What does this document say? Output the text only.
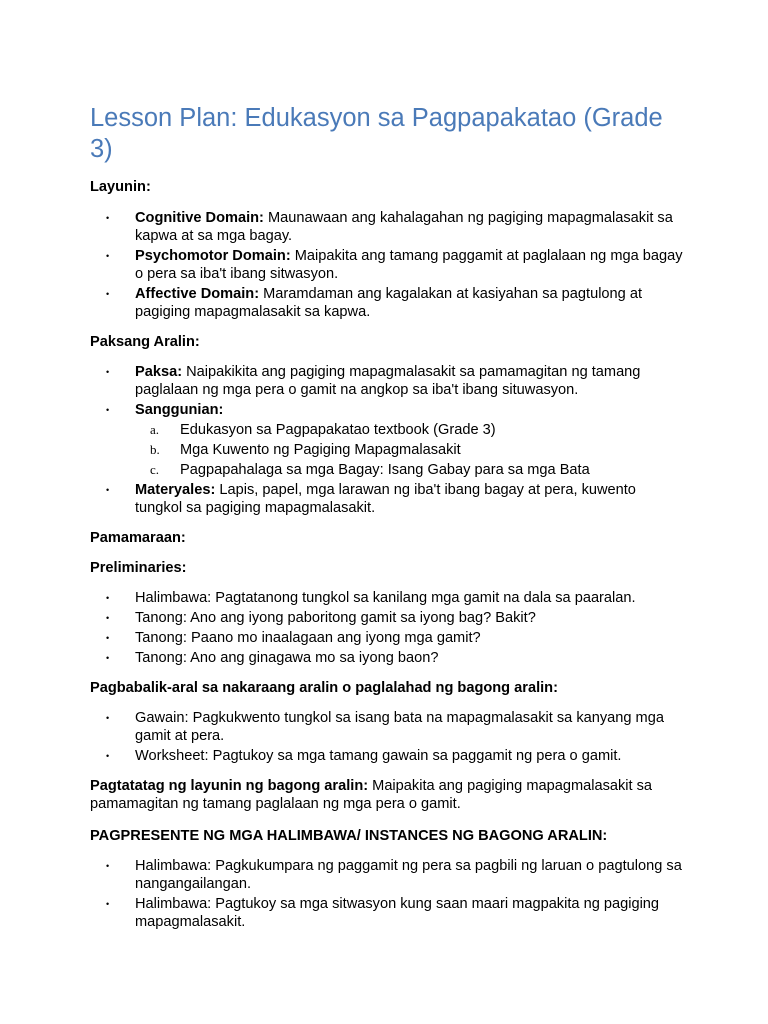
Lesson Plan: Edukasyon sa Pagpapakatao (Grade 3)
Layunin:
• Cognitive Domain: Maunawaan ang kahalagahan ng pagiging mapagmalasakit sa kapwa at sa mga bagay.
• Psychomotor Domain: Maipakita ang tamang paggamit at paglalaan ng mga bagay o pera sa iba't ibang sitwasyon.
• Affective Domain: Maramdaman ang kagalakan at kasiyahan sa pagtulong at pagiging mapagmalasakit sa kapwa.
Paksang Aralin:
• Paksa: Naipakikita ang pagiging mapagmalasakit sa pamamagitan ng tamang paglalaan ng mga pera o gamit na angkop sa iba't ibang situwasyon.
• Sanggunian:
a. Edukasyon sa Pagpapakatao textbook (Grade 3)
b. Mga Kuwento ng Pagiging Mapagmalasakit
c. Pagpapahalaga sa mga Bagay: Isang Gabay para sa mga Bata
• Materyales: Lapis, papel, mga larawan ng iba't ibang bagay at pera, kuwento tungkol sa pagiging mapagmalasakit.
Pamamaraan:
Preliminaries:
• Halimbawa: Pagtatanong tungkol sa kanilang mga gamit na dala sa paaralan.
• Tanong: Ano ang iyong paboritong gamit sa iyong bag? Bakit?
• Tanong: Paano mo inaalagaan ang iyong mga gamit?
• Tanong: Ano ang ginagawa mo sa iyong baon?
Pagbabalik-aral sa nakaraang aralin o paglalahad ng bagong aralin:
• Gawain: Pagkukwento tungkol sa isang bata na mapagmalasakit sa kanyang mga gamit at pera.
• Worksheet: Pagtukoy sa mga tamang gawain sa paggamit ng pera o gamit.
Pagtatatag ng layunin ng bagong aralin: Maipakita ang pagiging mapagmalasakit sa pamamagitan ng tamang paglalaan ng mga pera o gamit.
PAGPRESENTE NG MGA HALIMBAWA/ INSTANCES NG BAGONG ARALIN:
• Halimbawa: Pagkukumpara ng paggamit ng pera sa pagbili ng laruan o pagtulong sa nangangailangan.
• Halimbawa: Pagtukoy sa mga sitwasyon kung saan maari magpakita ng pagiging mapagmalasakit.
